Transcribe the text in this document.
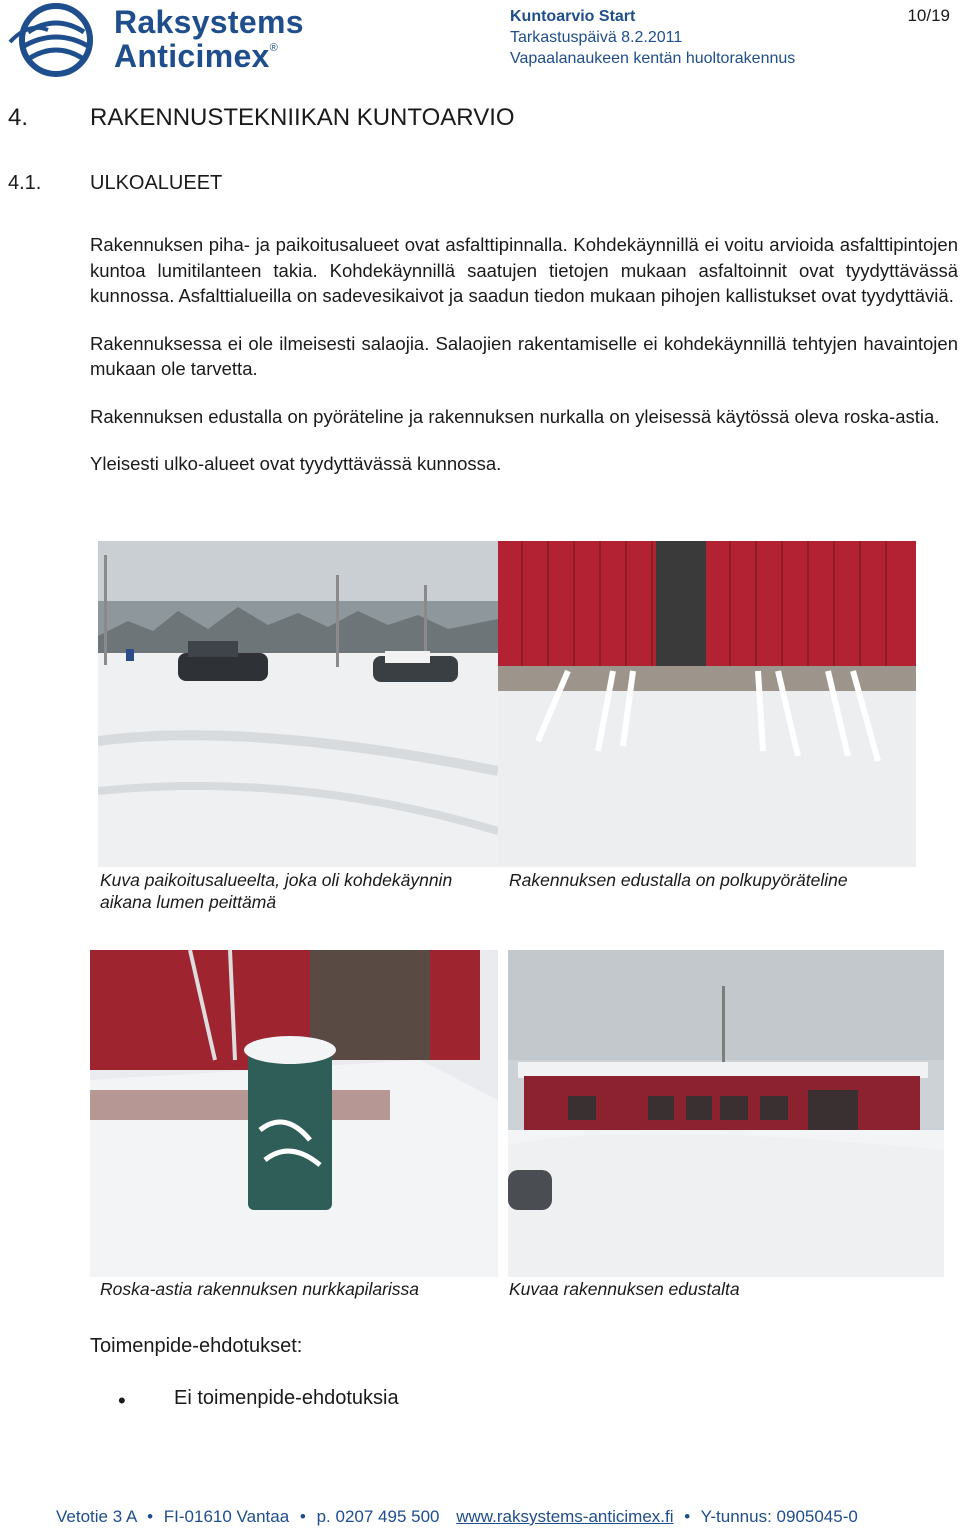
Raksystems
Anticimex®
Kuntoarvio Start
Tarkastuspäivä 8.2.2011
Vapaalanaukeen kentän huoltorakennus
10/19
4.	RAKENNUSTEKNIIKAN KUNTOARVIO
4.1. ULKOALUEET

Rakennuksen piha- ja paikoitusalueet ovat asfalttipinnalla. Kohdekäynnillä ei voitu arvioida asfalttipintojen kuntoa lumitilanteen takia. Kohdekäynnillä saatujen tietojen mukaan asfaltoinnit ovat tyydyttävässä kunnossa. Asfalttialueilla on sadevesikaivot ja saadun tiedon mukaan pihojen kallistukset ovat tyydyttäviä.

Rakennuksessa ei ole ilmeisesti salaojia. Salaojien rakentamiselle ei kohdekäynnillä tehtyjen havaintojen mukaan ole tarvetta.

Rakennuksen edustalla on pyöräteline ja rakennuksen nurkalla on yleisessä käytössä oleva roska-astia.

Yleisesti ulko-alueet ovat tyydyttävässä kunnossa.

Kuva paikoitusalueelta, joka oli kohdekäynnin aikana lumen peittämä
Rakennuksen edustalla on polkupyöräteline
Roska-astia rakennuksen nurkkapilarissa	Kuvaa rakennuksen edustalta
Toimenpide-ehdotukset:
• Ei toimenpide-ehdotuksia
Vetotie 3 A • FI-01610 Vantaa • p. 0207 495 500 www.raksystems-anticimex.fi • Y-tunnus: 0905045-0
